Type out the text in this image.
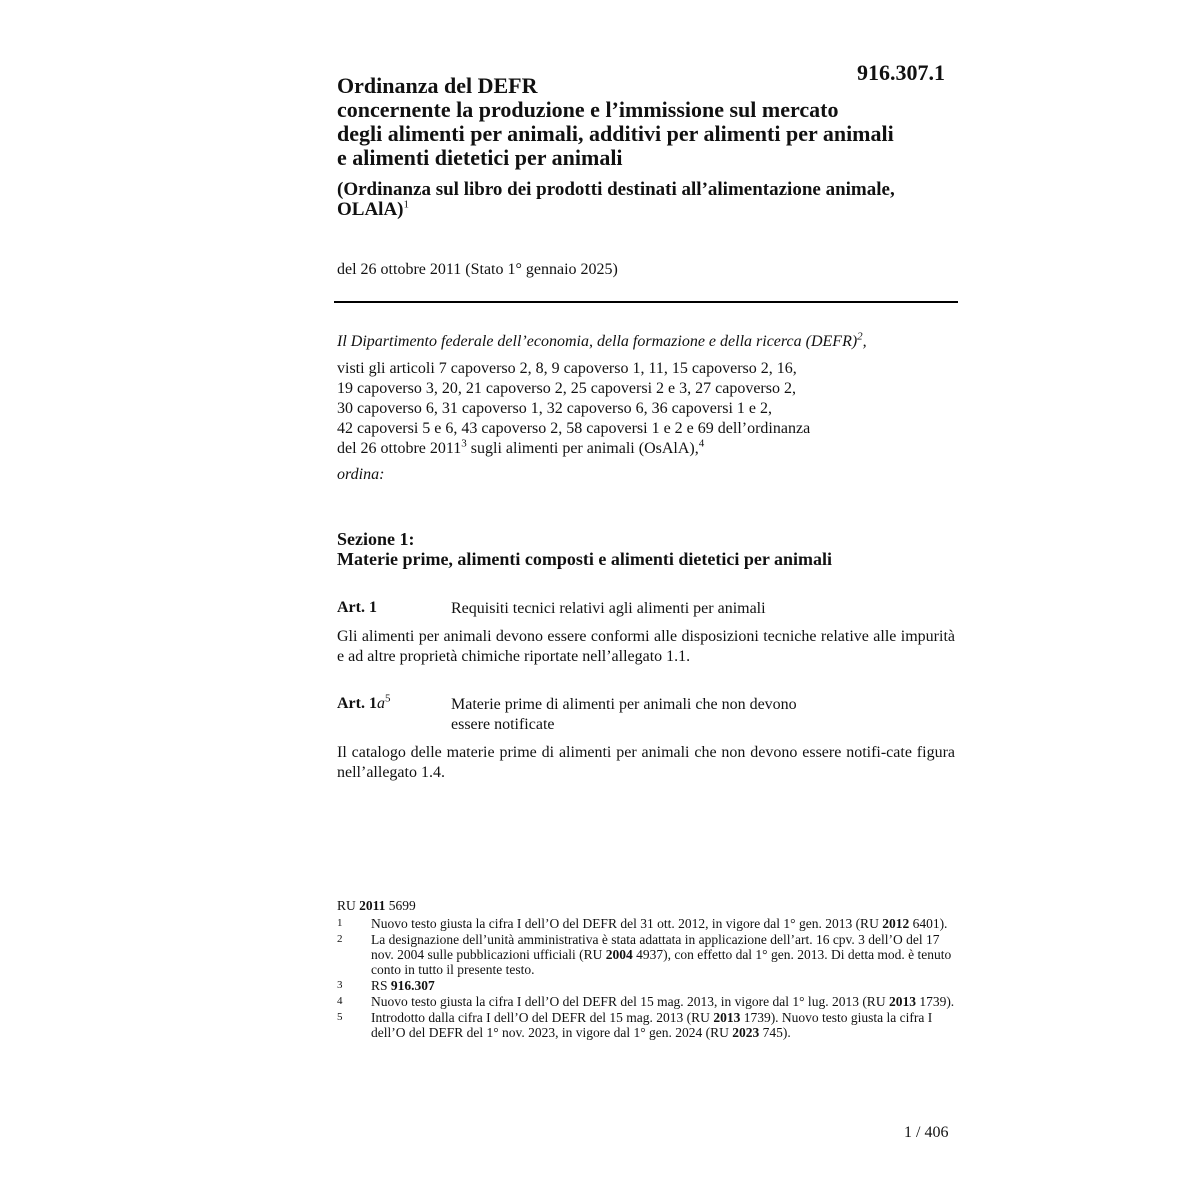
916.307.1
Ordinanza del DEFR
concernente la produzione e l’immissione sul mercato
degli alimenti per animali, additivi per alimenti per animali
e alimenti dietetici per animali
(Ordinanza sul libro dei prodotti destinati all’alimentazione animale,
OLAlA)$^1$
del 26 ottobre 2011 (Stato 1° gennaio 2025)
Il Dipartimento federale dell’economia, della formazione e della ricerca (DEFR)$^2$,
visti gli articoli 7 capoverso 2, 8, 9 capoverso 1, 11, 15 capoverso 2, 16,
19 capoverso 3, 20, 21 capoverso 2, 25 capoversi 2 e 3, 27 capoverso 2,
30 capoverso 6, 31 capoverso 1, 32 capoverso 6, 36 capoversi 1 e 2,
42 capoversi 5 e 6, 43 capoverso 2, 58 capoversi 1 e 2 e 69 dell’ordinanza
del 26 ottobre 2011$^3$ sugli alimenti per animali (OsAlA),$^4$
ordina:
Sezione 1:
Materie prime, alimenti composti e alimenti dietetici per animali
Art. 1	Requisiti tecnici relativi agli alimenti per animali
Gli alimenti per animali devono essere conformi alle disposizioni tecniche relative alle impurità e ad altre proprietà chimiche riportate nell’allegato 1.1.
Art. $1a^5$	Materie prime di alimenti per animali che non devono
essere notificate
Il catalogo delle materie prime di alimenti per animali che non devono essere notifi-cate figura nell’allegato 1.4.
RU 2011 5699
1	Nuovo testo giusta la cifra I dell’O del DEFR del 31 ott. 2012, in vigore dal 1° gen. 2013 (RU 2012 6401).
2	La designazione dell’unità amministrativa è stata adattata in applicazione dell’art. 16 cpv. 3 dell’O del 17 nov. 2004 sulle pubblicazioni ufficiali (RU 2004 4937), con effetto dal 1° gen. 2013. Di detta mod. è tenuto conto in tutto il presente testo.
3	RS 916.307
4	Nuovo testo giusta la cifra I dell’O del DEFR del 15 mag. 2013, in vigore dal 1° lug. 2013 (RU 2013 1739).
5	Introdotto dalla cifra I dell’O del DEFR del 15 mag. 2013 (RU 2013 1739). Nuovo testo giusta la cifra I dell’O del DEFR del 1° nov. 2023, in vigore dal 1° gen. 2024 (RU 2023 745).
1 / 406
